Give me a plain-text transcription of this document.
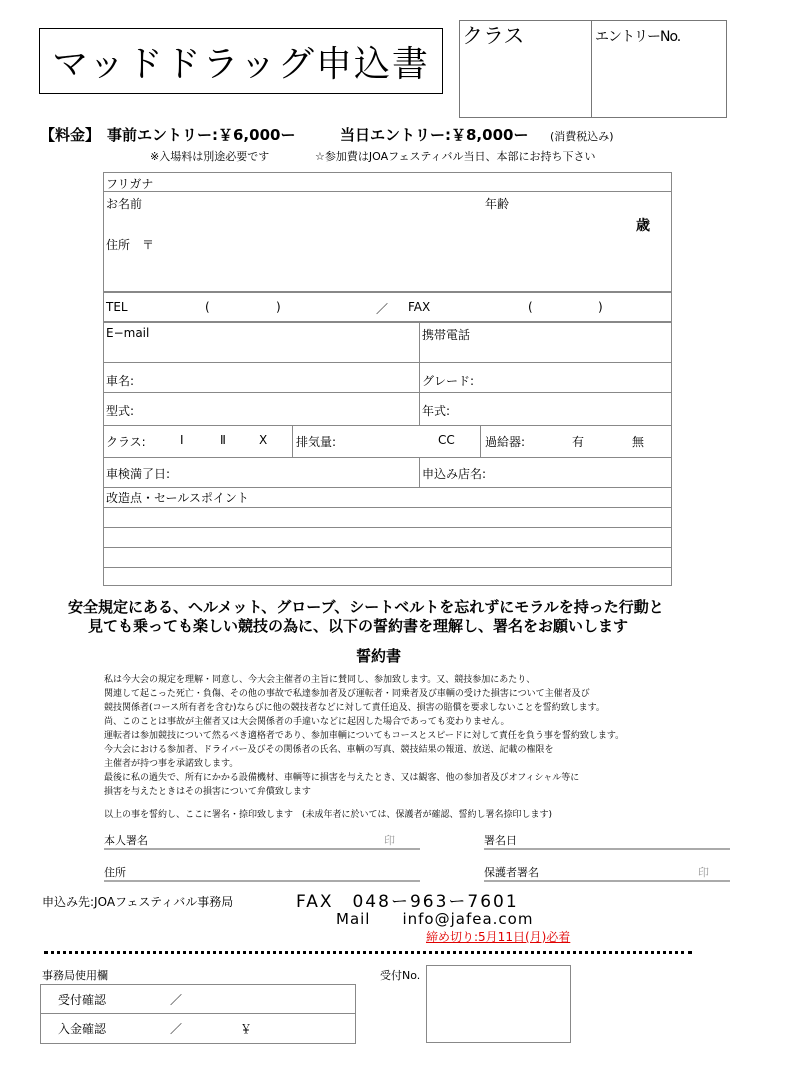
マッドドラッグ申込書
クラス	エントリーNo.
【料金】 事前エントリー:￥6,000ー	当日エントリー:￥8,000ー (消費税込み)
※入場料は別途必要です	☆参加費はJOAフェスティバル当日、本部にお持ち下さい
フリガナ
お名前	年齢
歳
住所　〒
TEL	(	)	／ FAX	(	)
E−mail	携帯電話
車名:	グレード:
型式:	年式:
クラス:	Ⅰ	Ⅱ	X 排気量:	CC	過給器:	有	無
車検満了日:	申込み店名:
改造点・セールスポイント
安全規定にある、ヘルメット、グローブ、シートベルトを忘れずにモラルを持った行動と
見ても乗っても楽しい競技の為に、以下の誓約書を理解し、署名をお願いします
誓約書
私は今大会の規定を理解・同意し、今大会主催者の主旨に賛同し、参加致します。又、競技参加にあたり、
関連して起こった死亡・負傷、その他の事故で私達参加者及び運転者・同乗者及び車輌の受けた損害について主催者及び
競技関係者(コース所有者を含む)ならびに他の競技者などに対して責任追及、損害の賠償を要求しないことを誓約致します。
尚、このことは事故が主催者又は大会関係者の手違いなどに起因した場合であっても変わりません。
運転者は参加競技について然るべき適格者であり、参加車輌についてもコースとスピードに対して責任を負う事を誓約致します。
今大会における参加者、ドライバー及びその関係者の氏名、車輌の写真、競技結果の報道、放送、記載の権限を
主催者が持つ事を承諾致します。
最後に私の過失で、所有にかかる設備機材、車輌等に損害を与えたとき、又は観客、他の参加者及びオフィシャル等に
損害を与えたときはその損害について弁償致します
以上の事を誓約し、ここに署名・捺印致します　(未成年者に於いては、保護者が確認、誓約し署名捺印します)
本人署名	印	署名日
住所	保護者署名	印
申込み先:JOAフェスティバル事務局	FAX　048ー963ー7601
Mail　　info@jafea.com
締め切り:5月11日(月)必着
事務局使用欄
受付確認	／
入金確認	／	￥
受付No.
